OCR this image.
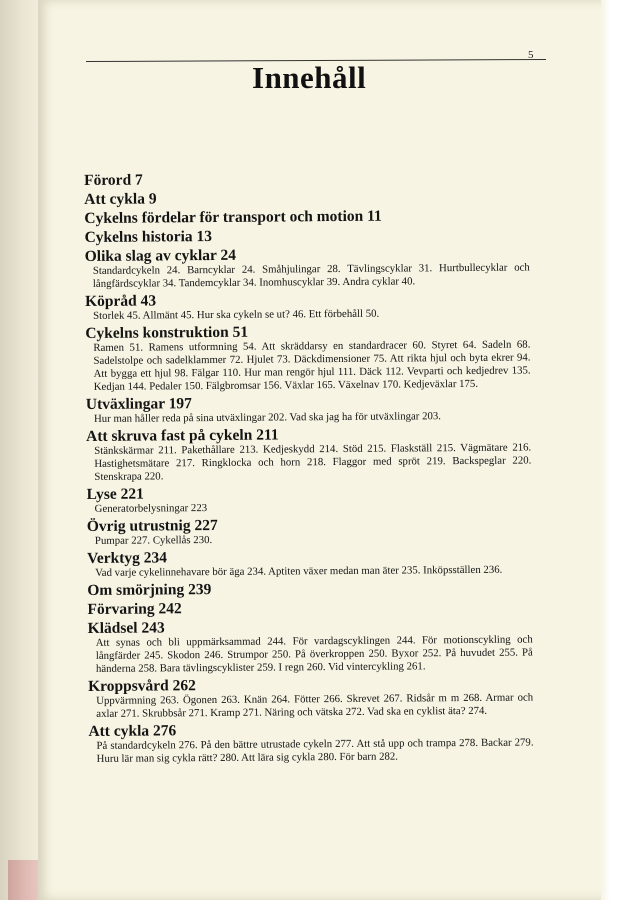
5
Innehåll
Förord 7
Att cykla 9
Cykelns fördelar för transport och motion 11
Cykelns historia 13
Olika slag av cyklar 24
Standardcykeln 24. Barncyklar 24. Småhjulingar 28. Tävlingscyklar 31. Hurtbullecyklar och långfärdscyklar 34. Tandemcyklar 34. Inomhuscyklar 39. Andra cyklar 40.
Köpråd 43
Storlek 45. Allmänt 45. Hur ska cykeln se ut? 46. Ett förbehåll 50.
Cykelns konstruktion 51
Ramen 51. Ramens utformning 54. Att skräddarsy en standardracer 60. Styret 64. Sadeln 68. Sadelstolpe och sadelklammer 72. Hjulet 73. Däckdimensioner 75. Att rikta hjul och byta ekrer 94. Att bygga ett hjul 98. Fälgar 110. Hur man rengör hjul 111. Däck 112. Vevparti och kedjedrev 135. Kedjan 144. Pedaler 150. Fälgbromsar 156. Växlar 165. Växelnav 170. Kedjeväxlar 175.
Utväxlingar 197
Hur man håller reda på sina utväxlingar 202. Vad ska jag ha för utväxlingar 203.
Att skruva fast på cykeln 211
Stänkskärmar 211. Pakethållare 213. Kedjeskydd 214. Stöd 215. Flaskställ 215. Vägmätare 216. Hastighetsmätare 217. Ringklocka och horn 218. Flaggor med spröt 219. Backspeglar 220. Stenskrapa 220.
Lyse 221
Generatorbelysningar 223
Övrig utrustnig 227
Pumpar 227. Cykellås 230.
Verktyg 234
Vad varje cykelinnehavare bör äga 234. Aptiten växer medan man äter 235. Inköpsställen 236.
Om smörjning 239
Förvaring 242
Klädsel 243
Att synas och bli uppmärksammad 244. För vardagscyklingen 244. För motionscykling och långfärder 245. Skodon 246. Strumpor 250. På överkroppen 250. Byxor 252. På huvudet 255. På händerna 258. Bara tävlingscyklister 259. I regn 260. Vid vintercykling 261.
Kroppsvård 262
Uppvärmning 263. Ögonen 263. Knän 264. Fötter 266. Skrevet 267. Ridsår m m 268. Armar och axlar 271. Skrubbsår 271. Kramp 271. Näring och vätska 272. Vad ska en cyklist äta? 274.
Att cykla 276
På standardcykeln 276. På den bättre utrustade cykeln 277. Att stå upp och trampa 278. Backar 279. Huru lär man sig cykla rätt? 280. Att lära sig cykla 280. För barn 282.
